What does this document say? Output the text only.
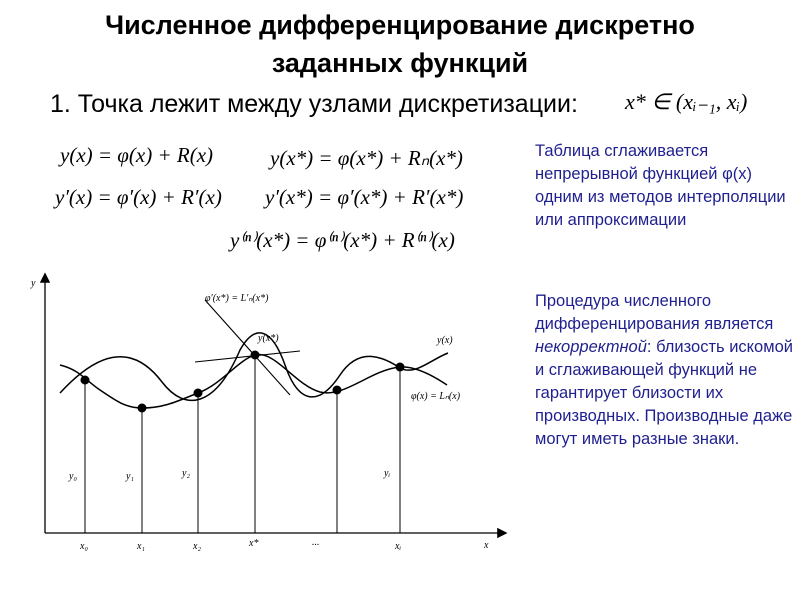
Численное дифференцирование дискретно
заданных функций
1. Точка лежит между узлами дискретизации: x* ∈ (xᵢ₋₁, xᵢ)
y(x) = φ(x) + R(x)	y(x*) = φ(x*) + Rₙ(x*)
y′(x) = φ′(x) + R′(x) y′(x*) = φ′(x*) + R′(x*)
y⁽ⁿ⁾(x*) = φ⁽ⁿ⁾(x*) + R⁽ⁿ⁾(x)
Таблица сглаживается непрерывной функцией φ(x) одним из методов интерполяции или аппроксимации
Процедура численного дифференцирования является некорректной: близость искомой и сглаживающей функций не гарантирует близости их производных. Производные даже могут иметь разные знаки.
y
x
φ′(x*) = L′ₙ(x*)
y(x*)	y(x)
φ(x) = Lₙ(x)
y₀	y₁	y₂	yᵢ
x₀	x₁	x₂	x*	...	xᵢ
